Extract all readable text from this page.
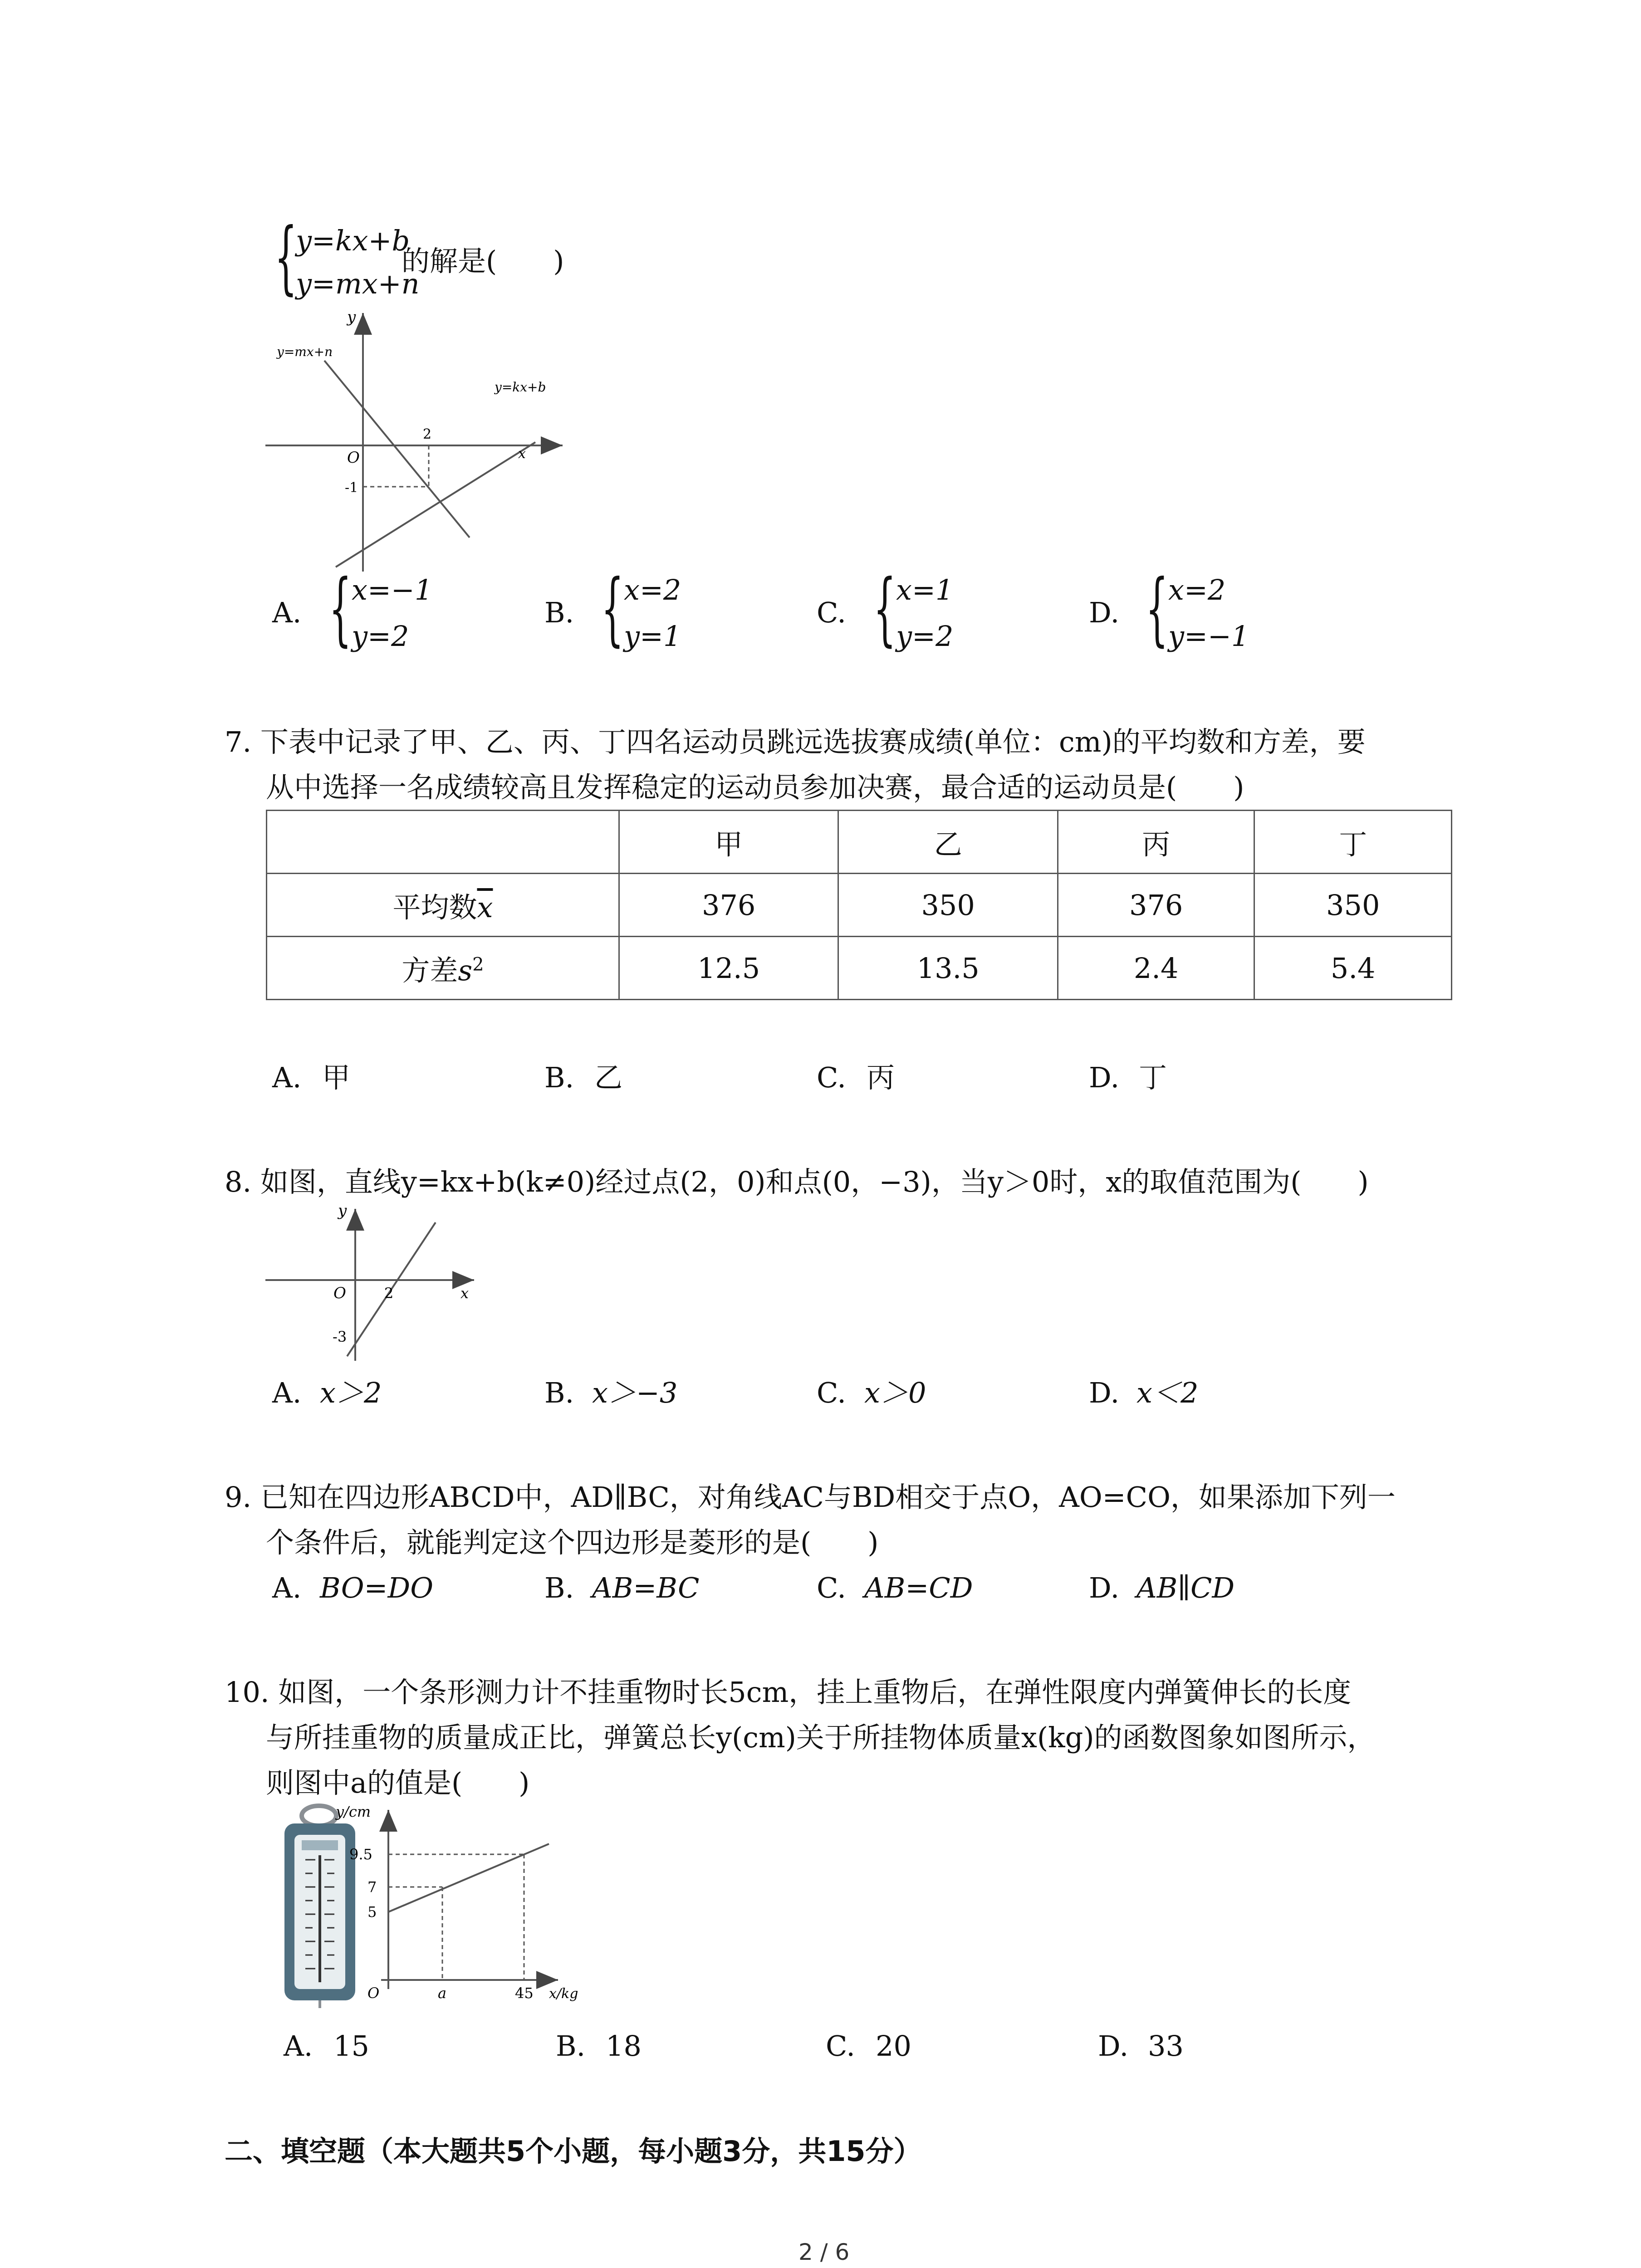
{
y=kx+b
y=mx+n
的解是(　　)
y
x
O
2
-1
y=mx+n
y=kx+b
A. { x=−1
y=2
B. { x=2
y=1
C. { x=1
y=2
D. { x=2
y=−1
7. 下表中记录了甲、乙、丙、丁四名运动员跳远选拔赛成绩(单位：cm)的平均数和方差，要
从中选择一名成绩较高且发挥稳定的运动员参加决赛，最合适的运动员是(　　)
	甲	乙	丙	丁
平均数$\overline{x}$	376	350	376	350
方差$s^2$	12.5	13.5	2.4	5.4
A. 甲	B. 乙	C. 丙	D. 丁
8. 如图，直线y=kx+b(k≠0)经过点(2，0)和点(0，−3)，当y＞0时，x的取值范围为(　　)
y
x
O	2
-3
A. x＞2	B. x＞−3	C. x＞0	D. x＜2
9. 已知在四边形ABCD中，AD∥BC，对角线AC与BD相交于点O，AO=CO，如果添加下列一
个条件后，就能判定这个四边形是菱形的是(　　)
A. BO=DO	B. AB=BC	C. AB=CD	D. AB∥CD
10. 如图，一个条形测力计不挂重物时长5cm，挂上重物后，在弹性限度内弹簧伸长的长度
与所挂重物的质量成正比，弹簧总长y(cm)关于所挂物体质量x(kg)的函数图象如图所示，
则图中a的值是(　　)
y/cm
x/kg
O
9.5
7
5
a	45
A. 15	B. 18	C. 20	D. 33
二、填空题（本大题共5个小题，每小题3分，共15分）
2 / 6
